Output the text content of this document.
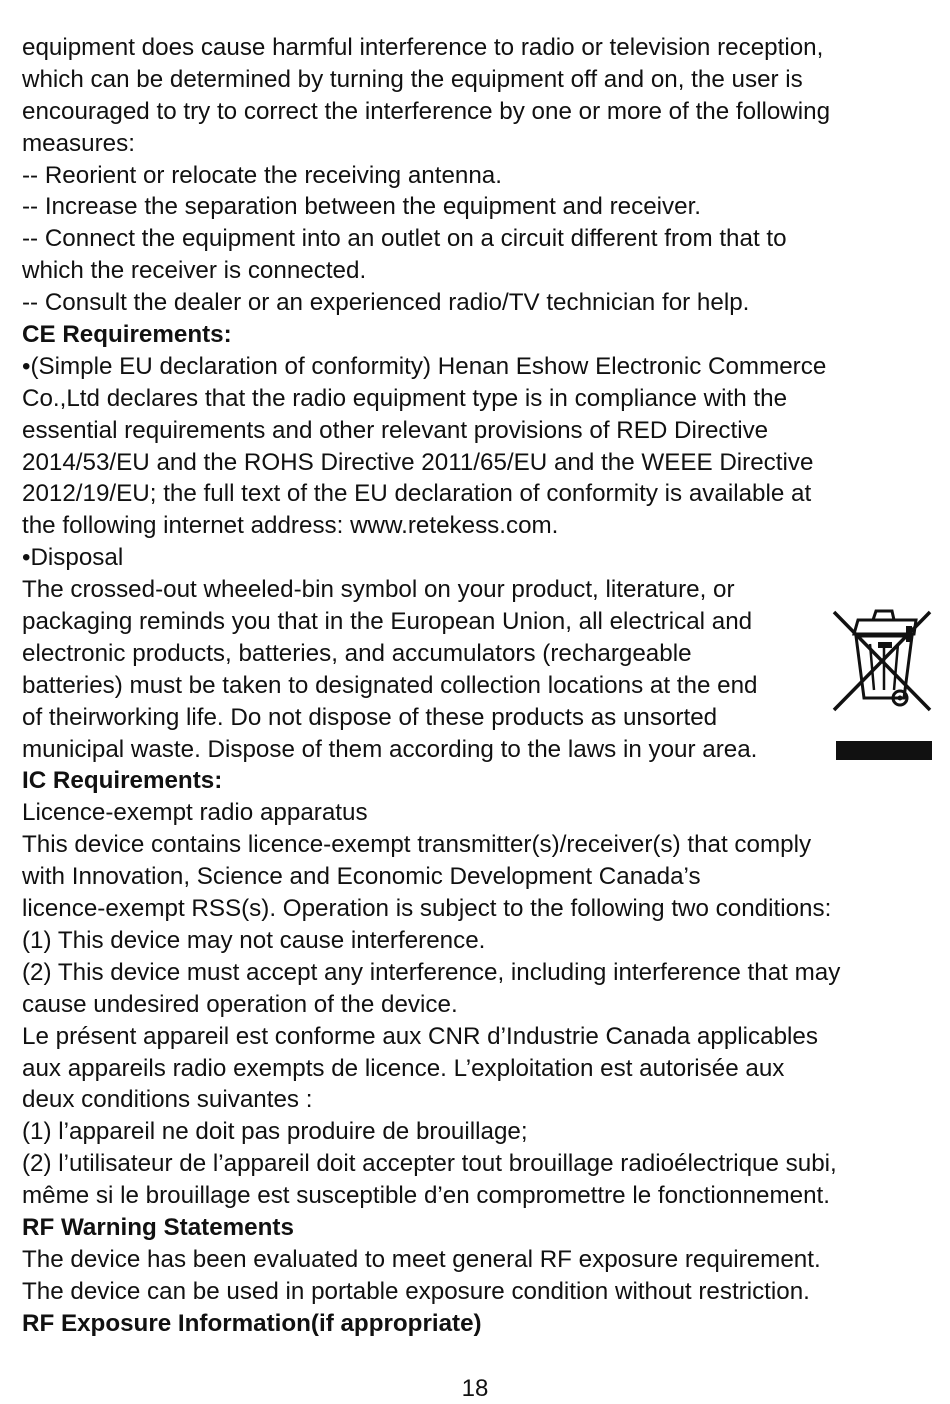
equipment does cause harmful interference to radio or television reception,
which can be determined by turning the equipment off and on, the user is
encouraged to try to correct the interference by one or more of the following
measures:
-- Reorient or relocate the receiving antenna.
-- Increase the separation between the equipment and receiver.
-- Connect the equipment into an outlet on a circuit different from that to
which the receiver is connected.
-- Consult the dealer or an experienced radio/TV technician for help.
CE Requirements:
•(Simple EU declaration of conformity) Henan Eshow Electronic Commerce
Co.,Ltd declares that the radio equipment type is in compliance with the
essential requirements and other relevant provisions of RED Directive
2014/53/EU and the ROHS Directive 2011/65/EU and the WEEE Directive
2012/19/EU; the full text of the EU declaration of conformity is available at
the following internet address: www.retekess.com.
•Disposal
The crossed-out wheeled-bin symbol on your product, literature, or
packaging reminds you that in the European Union, all electrical and
electronic products, batteries, and accumulators (rechargeable
batteries) must be taken to designated collection locations at the end
of theirworking life. Do not dispose of these products as unsorted
municipal waste. Dispose of them according to the laws in your area.
IC Requirements:
Licence-exempt radio apparatus
This device contains licence-exempt transmitter(s)/receiver(s) that comply
with Innovation, Science and Economic Development Canada’s
licence-exempt RSS(s). Operation is subject to the following two conditions:
(1) This device may not cause interference.
(2) This device must accept any interference, including interference that may
cause undesired operation of the device.
Le présent appareil est conforme aux CNR d’Industrie Canada applicables
aux appareils radio exempts de licence. L’exploitation est autorisée aux
deux conditions suivantes :
(1) l’appareil ne doit pas produire de brouillage;
(2) l’utilisateur de l’appareil doit accepter tout brouillage radioélectrique subi,
même si le brouillage est susceptible d’en compromettre le fonctionnement.
RF Warning Statements
The device has been evaluated to meet general RF exposure requirement.
The device can be used in portable exposure condition without restriction.
RF Exposure Information(if appropriate)
18
